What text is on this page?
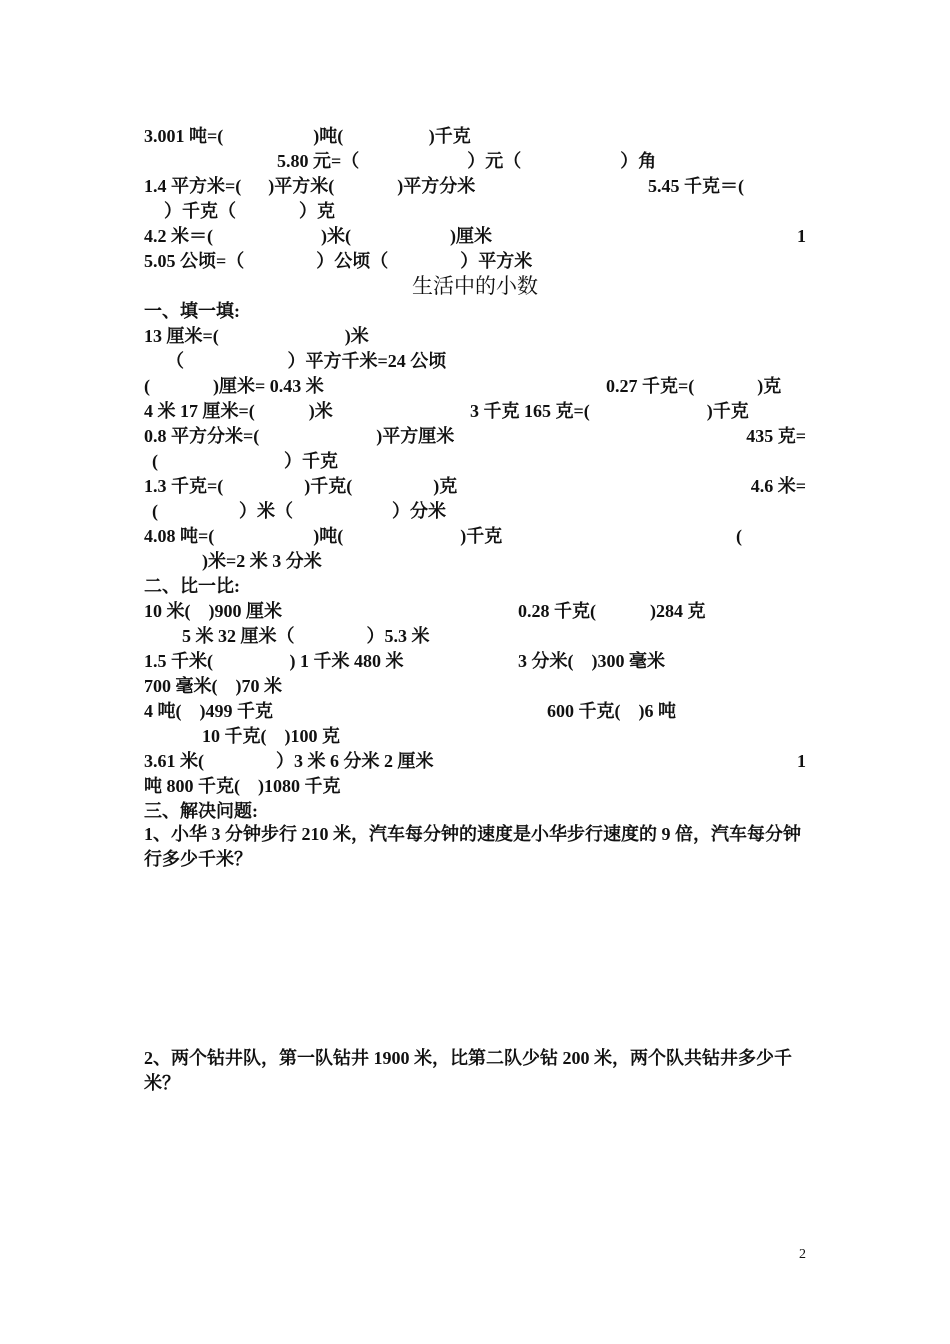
3.001 吨=(                    )吨(                   )千克

5.80 元=（                        ）元（                      ）角

1.4 平方米=(      )平方米(              )平方分米

	5.45 千克＝(

）千克（              ）克

4.2 米＝(                        )米(                      )厘米

	1

5.05 公顷=（                ）公顷（                ）平方米

生活中的小数

一、填一填:

13 厘米=(                            )米

（                       ）平方千米=24 公顷

(              )厘米= 0.43 米

	0.27 千克=(              )克

4 米 17 厘米=(            )米

	3 千克 165 克=(                          )千克

0.8 平方分米=(                          )平方厘米

	435 克=

(                            ）千克

1.3 千克=(                  )千克(                  )克

	4.6 米=

(                  ）米（                      ）分米

4.08 吨=(                      )吨(                          )千克

	(

)米=2 米 3 分米

二、比一比:

10 米(    )900 厘米

	0.28 千克(            )284 克

5 米 32 厘米（                ）5.3 米

1.5 千米(                 ) 1 千米 480 米

	3 分米(    )300 毫米

700 毫米(    )70 米

4 吨(    )499 千克

	600 千克(    )6 吨

10 千克(    )100 克

3.61 米(                ）3 米 6 分米 2 厘米

	1

吨 800 千克(    )1080 千克

三、解决问题:

1、小华 3 分钟步行 210 米，汽车每分钟的速度是小华步行速度的 9 倍，汽车每分钟行多少千米？
2、两个钻井队，第一队钻井 1900 米，比第二队少钻 200 米，两个队共钻井多少千米？
2
